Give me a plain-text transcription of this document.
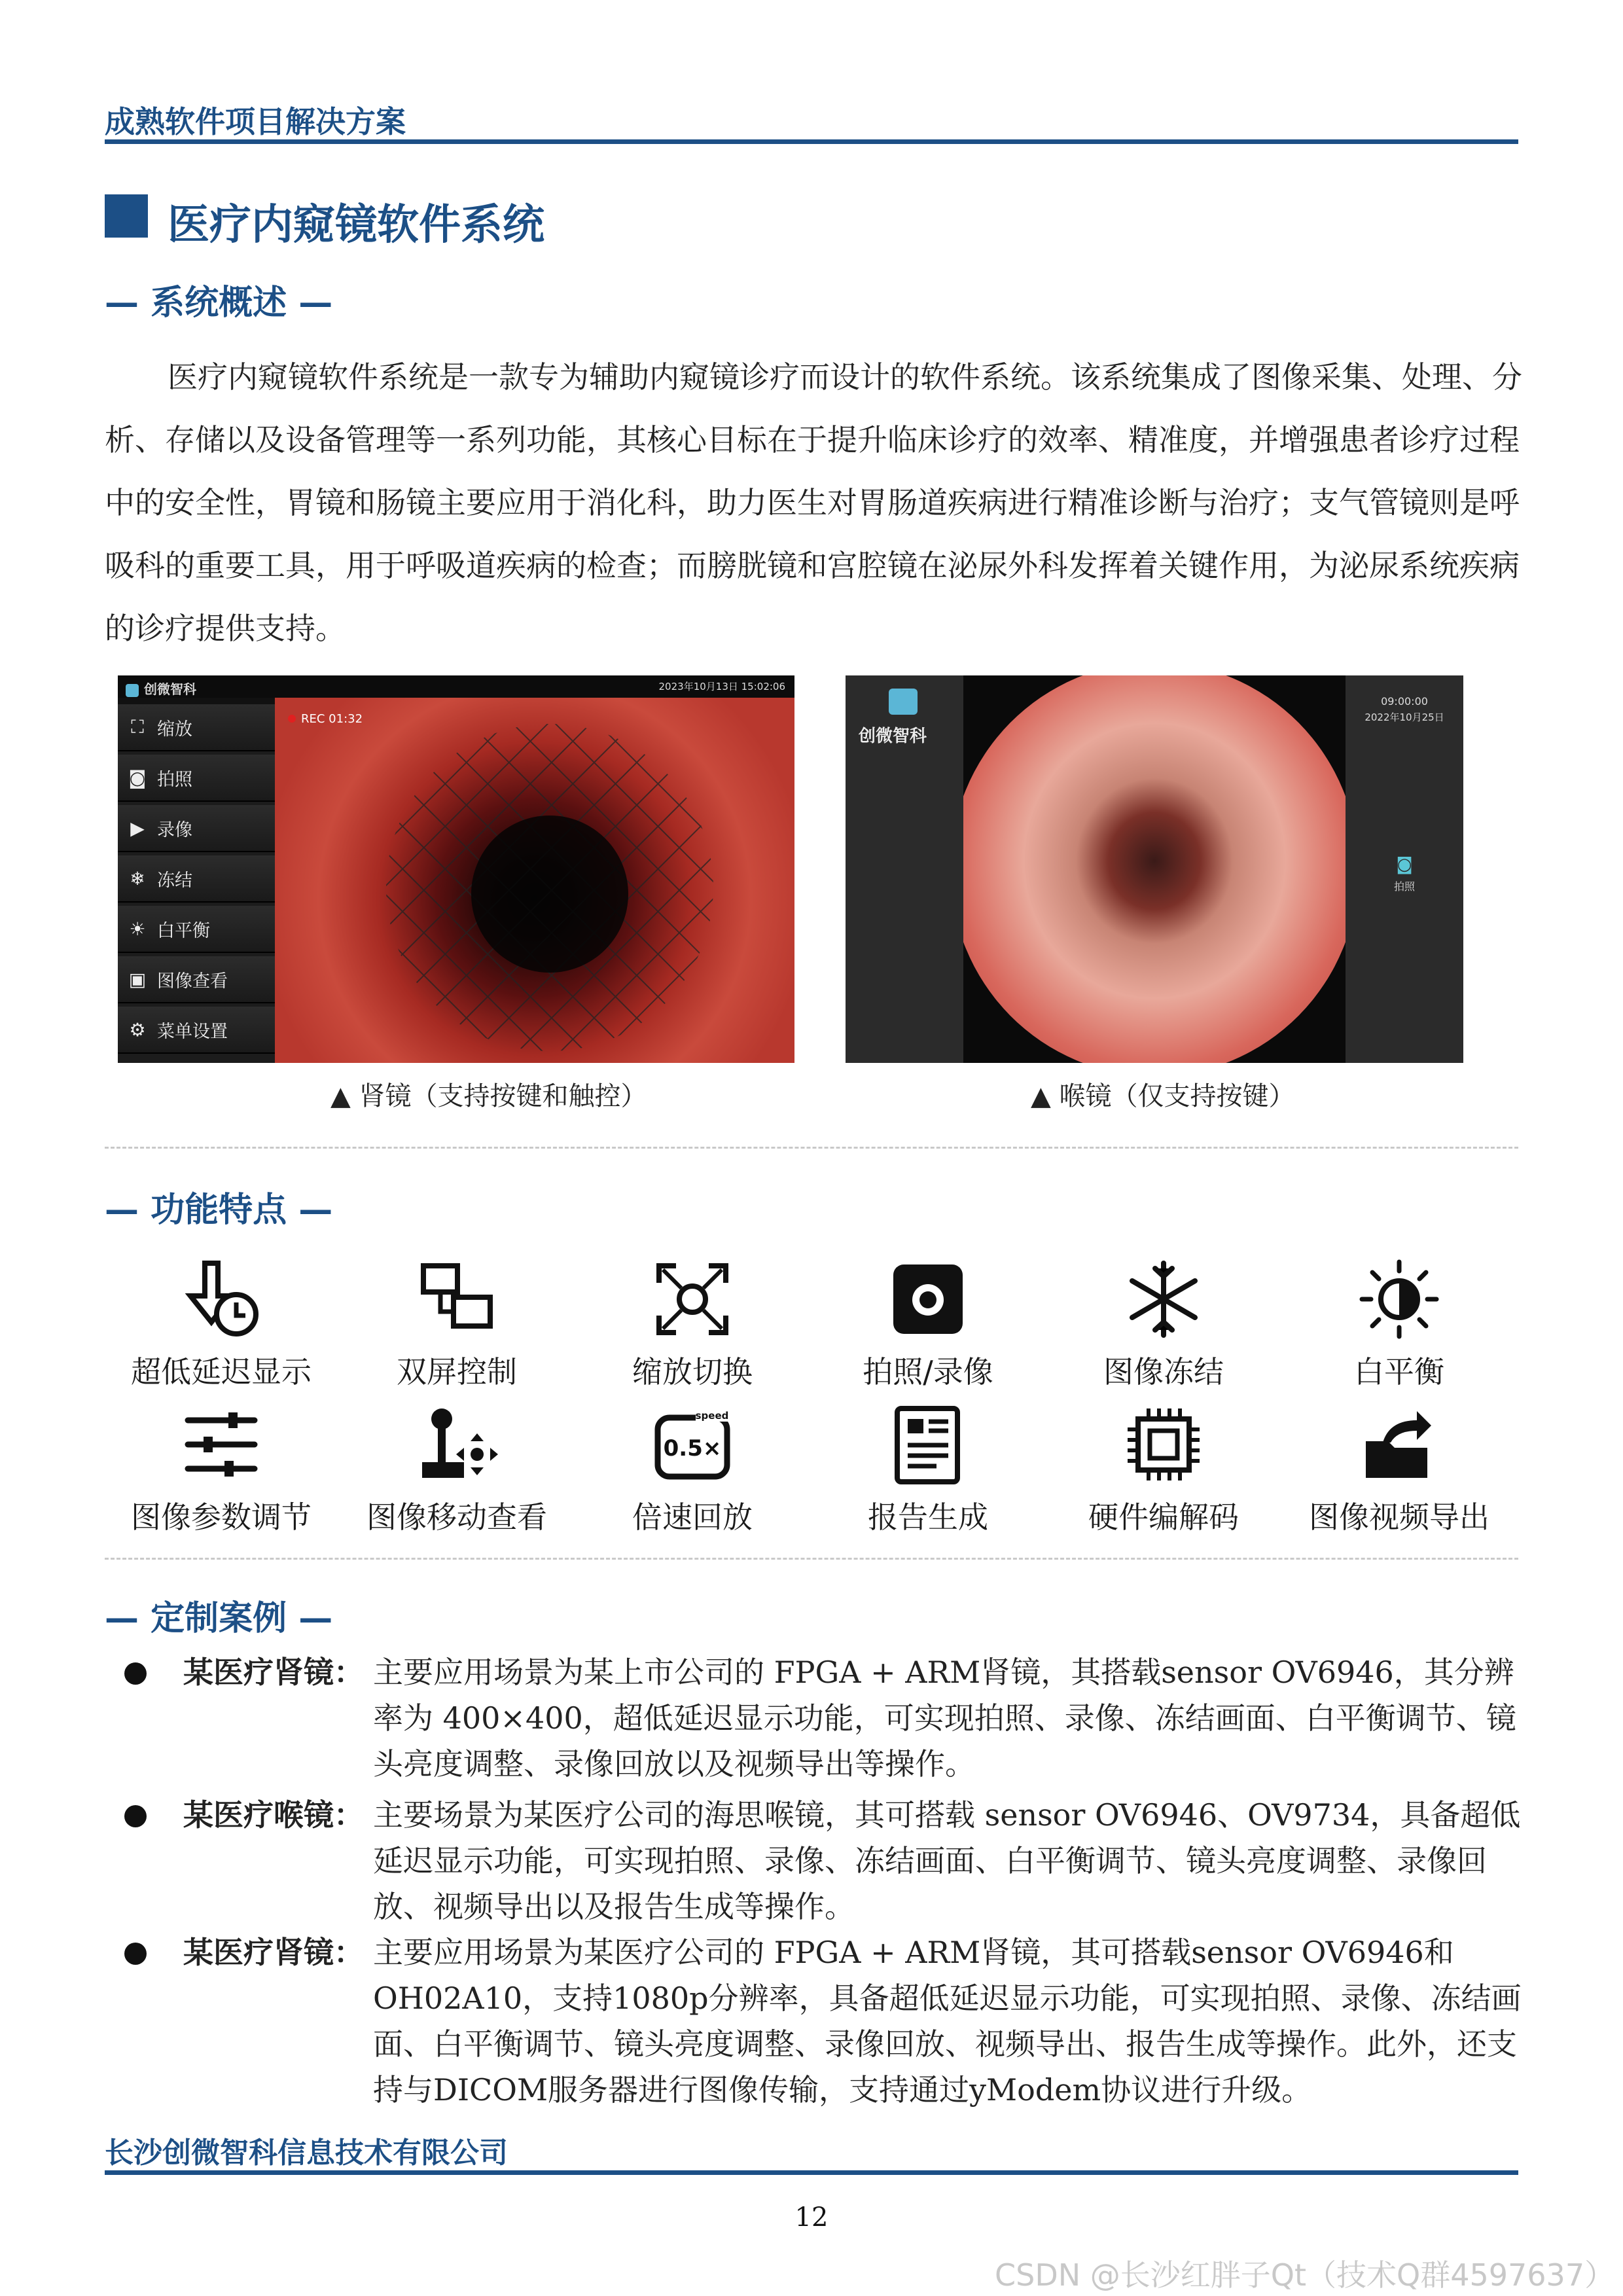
成熟软件项目解决方案
医疗内窥镜软件系统
— 系统概述 —
医疗内窥镜软件系统是一款专为辅助内窥镜诊疗而设计的软件系统。该系统集成了图像采集、处理、分析、存储以及设备管理等一系列功能，其核心目标在于提升临床诊疗的效率、精准度，并增强患者诊疗过程中的安全性，胃镜和肠镜主要应用于消化科，助力医生对胃肠道疾病进行精准诊断与治疗；支气管镜则是呼吸科的重要工具，用于呼吸道疾病的检查；而膀胱镜和宫腔镜在泌尿外科发挥着关键作用，为泌尿系统疾病的诊疗提供支持。
创微智科	2023年10月13日 15:02:06
⛶ 缩放
◙ 拍照
▶ 录像
❄ 冻结
☀ 白平衡
▣ 图像查看
⚙ 菜单设置
REC 01:32
▲ 肾镜（支持按键和触控）
创微智科
09:00:00
2022年10月25日
◙
拍照
▲ 喉镜（仅支持按键）
— 功能特点 —
超低延迟显示	双屏控制	缩放切换	拍照/录像	图像冻结	白平衡
图像参数调节	图像移动查看
speed
0.5×
倍速回放	报告生成	硬件编解码	图像视频导出
— 定制案例 —
某医疗肾镜： 主要应用场景为某上市公司的 FPGA + ARM肾镜，其搭载sensor OV6946，其分辨率为 400×400，超低延迟显示功能，可实现拍照、录像、冻结画面、白平衡调节、镜头亮度调整、录像回放以及视频导出等操作。
某医疗喉镜： 主要场景为某医疗公司的海思喉镜，其可搭载 sensor OV6946、OV9734，具备超低延迟显示功能，可实现拍照、录像、冻结画面、白平衡调节、镜头亮度调整、录像回放、视频导出以及报告生成等操作。
某医疗肾镜： 主要应用场景为某医疗公司的 FPGA + ARM肾镜，其可搭载sensor OV6946和OH02A10，支持1080p分辨率，具备超低延迟显示功能，可实现拍照、录像、冻结画面、白平衡调节、镜头亮度调整、录像回放、视频导出、报告生成等操作。此外，还支持与DICOM服务器进行图像传输，支持通过yModem协议进行升级。
长沙创微智科信息技术有限公司
12
CSDN @长沙红胖子Qt（技术Q群4597637）
